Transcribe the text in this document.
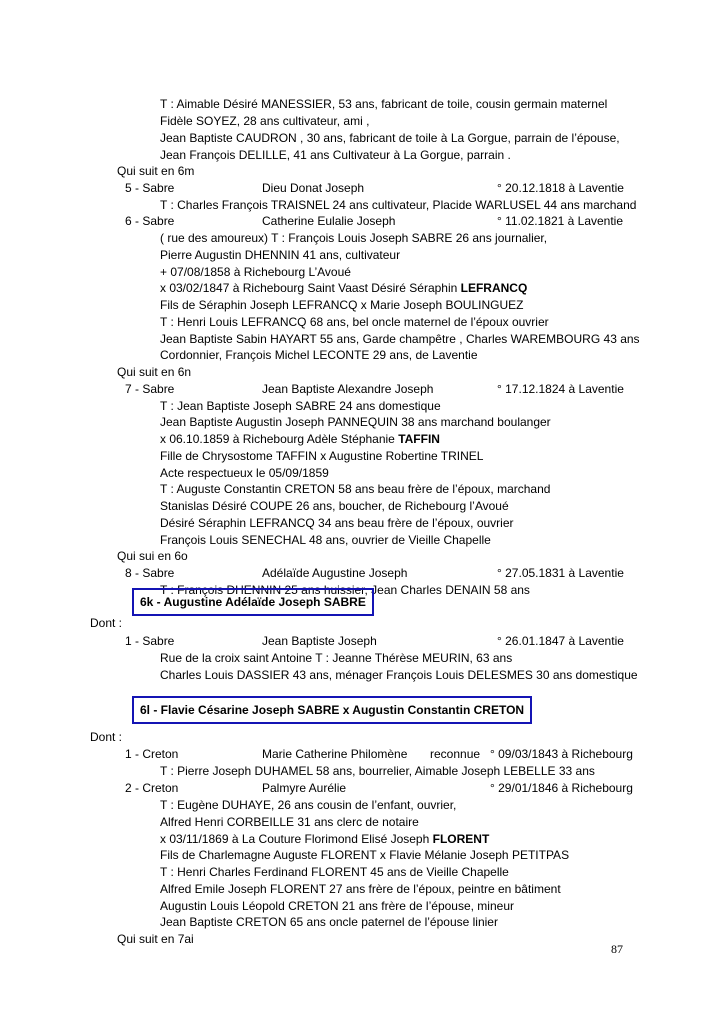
T : Aimable Désiré MANESSIER, 53 ans, fabricant de toile, cousin germain maternel
Fidèle SOYEZ, 28 ans cultivateur, ami ,
Jean Baptiste CAUDRON , 30 ans, fabricant de toile à La Gorgue, parrain de l’épouse,
Jean François DELILLE, 41 ans Cultivateur à La Gorgue, parrain .
Qui suit en 6m
5 - Sabre	Dieu Donat Joseph	° 20.12.1818 à Laventie
T : Charles François TRAISNEL 24 ans cultivateur, Placide WARLUSEL 44 ans marchand
6 - Sabre	Catherine Eulalie Joseph	° 11.02.1821 à Laventie
( rue des amoureux) T : François Louis Joseph SABRE 26 ans journalier,
Pierre Augustin DHENNIN 41 ans, cultivateur
+ 07/08/1858 à Richebourg L’Avoué
x 03/02/1847 à Richebourg Saint Vaast Désiré Séraphin LEFRANCQ
Fils de Séraphin Joseph LEFRANCQ x Marie Joseph BOULINGUEZ
T : Henri Louis LEFRANCQ 68 ans, bel oncle maternel de l’époux ouvrier
Jean Baptiste Sabin HAYART 55 ans, Garde champêtre , Charles WAREMBOURG 43 ans
Cordonnier, François Michel LECONTE 29 ans, de Laventie
Qui suit en 6n
7 - Sabre	Jean Baptiste Alexandre Joseph	° 17.12.1824 à Laventie
T : Jean Baptiste Joseph SABRE 24 ans domestique
Jean Baptiste Augustin Joseph PANNEQUIN 38 ans marchand boulanger
x 06.10.1859 à Richebourg Adèle Stéphanie TAFFIN
Fille de Chrysostome TAFFIN x Augustine Robertine TRINEL
Acte respectueux le 05/09/1859
T : Auguste Constantin CRETON 58 ans beau frère de l’époux, marchand
Stanislas Désiré COUPE 26 ans, boucher, de Richebourg l’Avoué
Désiré Séraphin LEFRANCQ 34 ans beau frère de l’époux, ouvrier
François Louis SENECHAL 48 ans, ouvrier de Vieille Chapelle
Qui sui en 6o
8 - Sabre	Adélaïde Augustine Joseph	° 27.05.1831 à Laventie
T : François DHENNIN 25 ans huissier, Jean Charles DENAIN 58 ans
6k - Augustine Adélaïde Joseph SABRE
Dont :
1 - Sabre	Jean Baptiste Joseph	° 26.01.1847 à Laventie
Rue de la croix saint Antoine T : Jeanne Thérèse MEURIN, 63 ans
Charles Louis DASSIER 43 ans, ménager François Louis DELESMES 30 ans domestique
6l - Flavie Césarine Joseph SABRE x Augustin Constantin CRETON
Dont :
1 - Creton	Marie Catherine Philomène reconnue ° 09/03/1843 à Richebourg
T : Pierre Joseph DUHAMEL 58 ans, bourrelier, Aimable Joseph LEBELLE 33 ans
2 - Creton	Palmyre Aurélie	° 29/01/1846 à Richebourg
T : Eugène DUHAYE, 26 ans cousin de l’enfant, ouvrier,
Alfred Henri CORBEILLE 31 ans clerc de notaire
x 03/11/1869 à La Couture Florimond Elisé Joseph FLORENT
Fils de Charlemagne Auguste FLORENT x Flavie Mélanie Joseph PETITPAS
T : Henri Charles Ferdinand FLORENT 45 ans de Vieille Chapelle
Alfred Emile Joseph FLORENT 27 ans frère de l’époux, peintre en bâtiment
Augustin Louis Léopold CRETON 21 ans frère de l’épouse, mineur
Jean Baptiste CRETON 65 ans oncle paternel de l’épouse linier
Qui suit en 7ai
87
